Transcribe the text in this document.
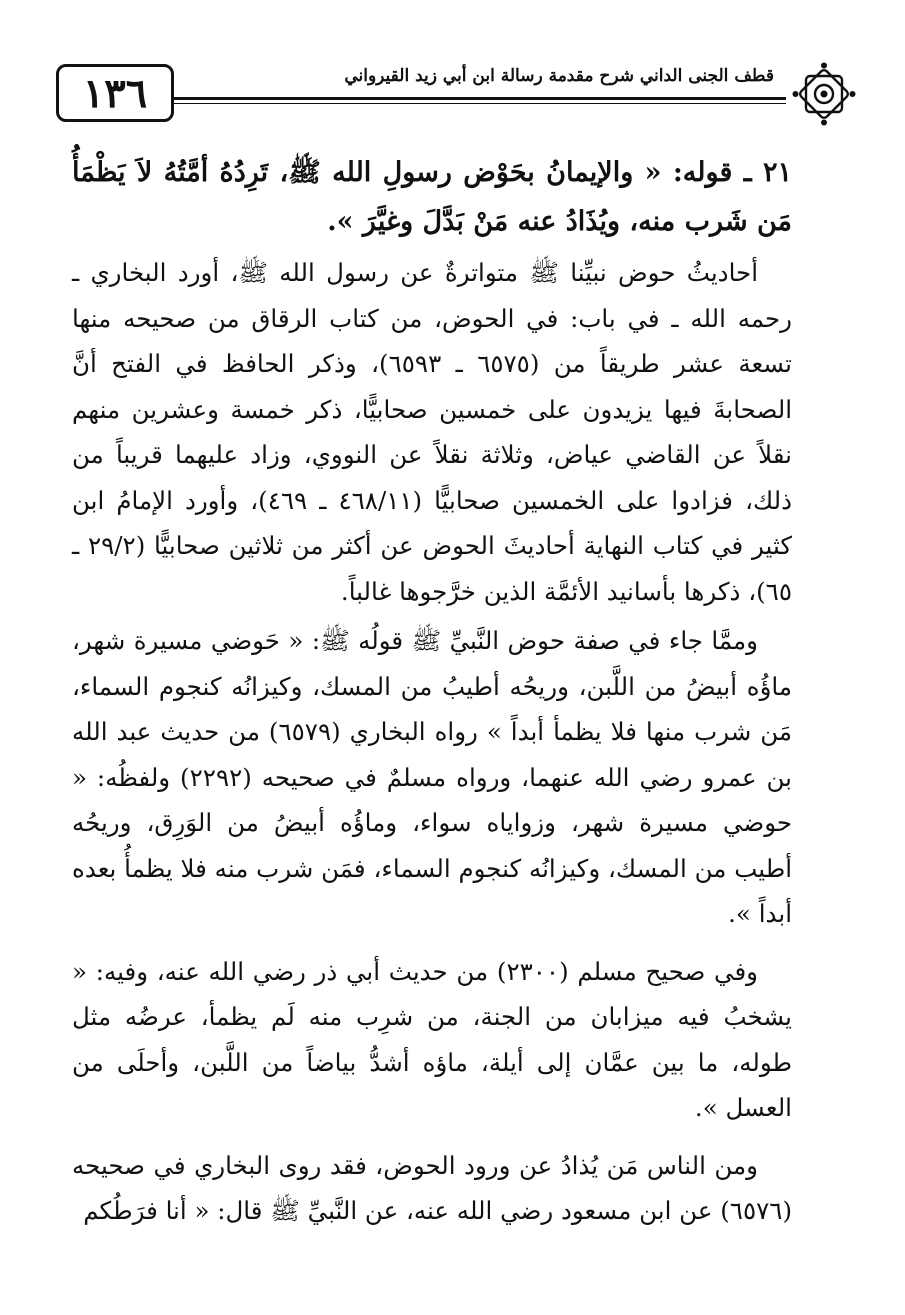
قطف الجنى الداني شرح مقدمة رسالة ابن أبي زيد القيرواني
١٣٦

٢١ ـ قوله: « والإيمانُ بحَوْض رسولِ الله ﷺ، تَرِدُهُ أمَّتُهُ لاَ يَظْمَأُ مَن شَرب منه، ويُذَادُ عنه مَنْ بَدَّلَ وغيَّرَ ».

أحاديثُ حوض نبيِّنا ﷺ متواترةٌ عن رسول الله ﷺ، أورد البخاري ـ رحمه الله ـ في باب: في الحوض، من كتاب الرقاق من صحيحه منها تسعة عشر طريقاً من (٦٥٧٥ ـ ٦٥٩٣)، وذكر الحافظ في الفتح أنَّ الصحابةَ فيها يزيدون على خمسين صحابيًّا، ذكر خمسة وعشرين منهم نقلاً عن القاضي عياض، وثلاثة نقلاً عن النووي، وزاد عليهما قريباً من ذلك، فزادوا على الخمسين صحابيًّا (٤٦٨/١١ ـ ٤٦٩)، وأورد الإمامُ ابن كثير في كتاب النهاية أحاديثَ الحوض عن أكثر من ثلاثين صحابيًّا (٢٩/٢ ـ ٦٥)، ذكرها بأسانيد الأئمَّة الذين خرَّجوها غالباً.

وممَّا جاء في صفة حوض النَّبيِّ ﷺ قولُه ﷺ: « حَوضي مسيرة شهر، ماؤُه أبيضُ من اللَّبن، وريحُه أطيبُ من المسك، وكيزانُه كنجوم السماء، مَن شرب منها فلا يظمأ أبداً » رواه البخاري (٦٥٧٩) من حديث عبد الله بن عمرو رضي الله عنهما، ورواه مسلمٌ في صحيحه (٢٢٩٢) ولفظُه: « حوضي مسيرة شهر، وزواياه سواء، وماؤُه أبيضُ من الوَرِق، وريحُه أطيب من المسك، وكيزانُه كنجوم السماء، فمَن شرب منه فلا يظمأُ بعده أبداً ».

وفي صحيح مسلم (٢٣٠٠) من حديث أبي ذر رضي الله عنه، وفيه: « يشخبُ فيه ميزابان من الجنة، من شرِب منه لَم يظمأ، عرضُه مثل طوله، ما بين عمَّان إلى أيلة، ماؤه أشدُّ بياضاً من اللَّبن، وأحلَى من العسل ».

ومن الناس مَن يُذادُ عن ورود الحوض، فقد روى البخاري في صحيحه (٦٥٧٦) عن ابن مسعود رضي الله عنه، عن النَّبيِّ ﷺ قال: « أنا فرَطُكم
